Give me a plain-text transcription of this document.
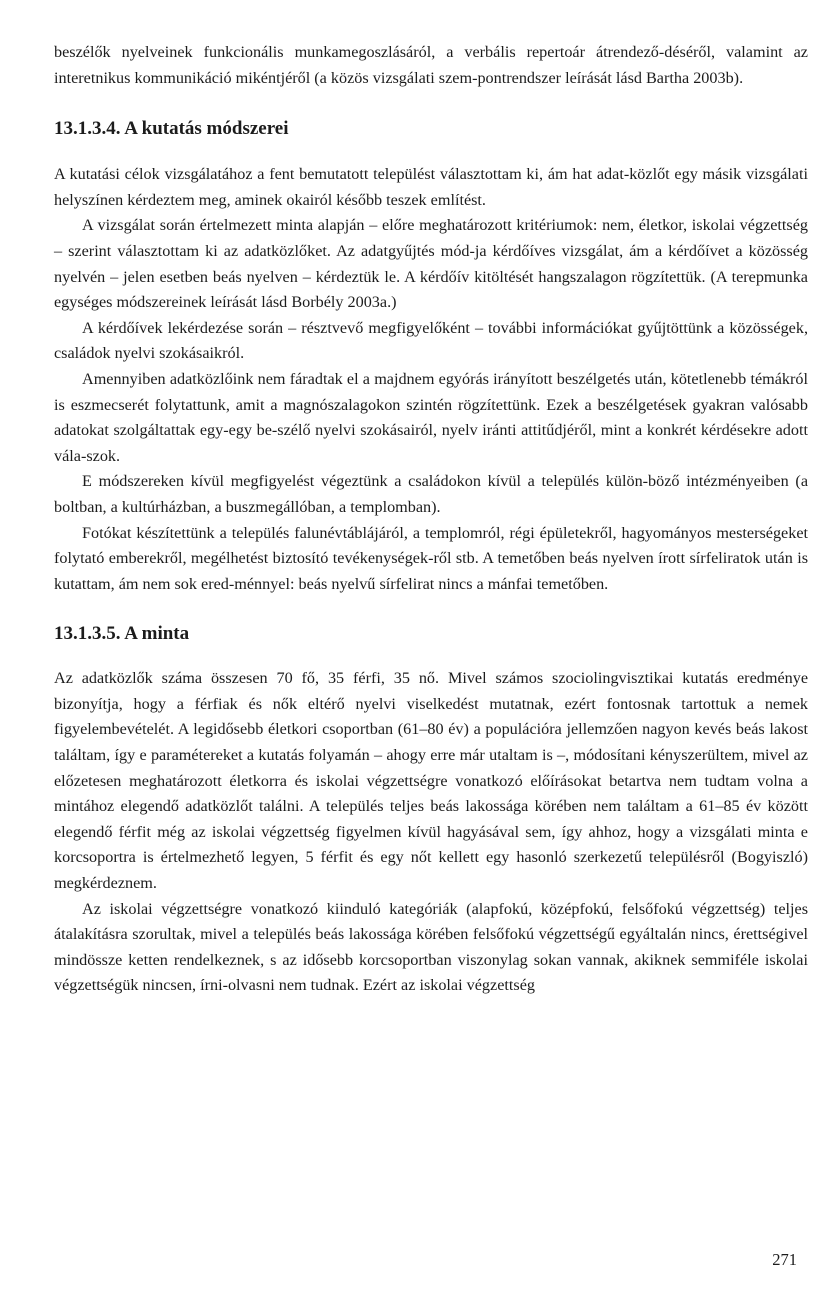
beszélők nyelveinek funkcionális munkamegoszlásáról, a verbális repertoár átrendező-déséről, valamint az interetnikus kommunikáció mikéntjéről (a közös vizsgálati szem-pontrendszer leírását lásd Bartha 2003b).

13.1.3.4. A kutatás módszerei

A kutatási célok vizsgálatához a fent bemutatott települést választottam ki, ám hat adat-közlőt egy másik vizsgálati helyszínen kérdeztem meg, aminek okairól később teszek említést.

A vizsgálat során értelmezett minta alapján – előre meghatározott kritériumok: nem, életkor, iskolai végzettség – szerint választottam ki az adatközlőket. Az adatgyűjtés mód-ja kérdőíves vizsgálat, ám a kérdőívet a közösség nyelvén – jelen esetben beás nyelven – kérdeztük le. A kérdőív kitöltését hangszalagon rögzítettük. (A terepmunka egységes módszereinek leírását lásd Borbély 2003a.)

A kérdőívek lekérdezése során – résztvevő megfigyelőként – további információkat gyűjtöttünk a közösségek, családok nyelvi szokásaikról.

Amennyiben adatközlőink nem fáradtak el a majdnem egyórás irányított beszélgetés után, kötetlenebb témákról is eszmecserét folytattunk, amit a magnószalagokon szintén rögzítettünk. Ezek a beszélgetések gyakran valósabb adatokat szolgáltattak egy-egy be-szélő nyelvi szokásairól, nyelv iránti attitűdjéről, mint a konkrét kérdésekre adott vála-szok.

E módszereken kívül megfigyelést végeztünk a családokon kívül a település külön-böző intézményeiben (a boltban, a kultúrházban, a buszmegállóban, a templomban).

Fotókat készítettünk a település falunévtáblájáról, a templomról, régi épületekről, hagyományos mesterségeket folytató emberekről, megélhetést biztosító tevékenységek-ről stb. A temetőben beás nyelven írott sírfeliratok után is kutattam, ám nem sok ered-ménnyel: beás nyelvű sírfelirat nincs a mánfai temetőben.

13.1.3.5. A minta

Az adatközlők száma összesen 70 fő, 35 férfi, 35 nő. Mivel számos szociolingvisztikai kutatás eredménye bizonyítja, hogy a férfiak és nők eltérő nyelvi viselkedést mutatnak, ezért fontosnak tartottuk a nemek figyelembevételét. A legidősebb életkori csoportban (61–80 év) a populációra jellemzően nagyon kevés beás lakost találtam, így e paramétereket a kutatás folyamán – ahogy erre már utaltam is –, módosítani kényszerültem, mivel az előzetesen meghatározott életkorra és iskolai végzettségre vonatkozó előírásokat betartva nem tudtam volna a mintához elegendő adatközlőt találni. A település teljes beás lakossága körében nem találtam a 61–85 év között elegendő férfit még az iskolai végzettség figyelmen kívül hagyásával sem, így ahhoz, hogy a vizsgálati minta e korcsoportra is értelmezhető legyen, 5 férfit és egy nőt kellett egy hasonló szerkezetű településről (Bogyiszló) megkérdeznem.

Az iskolai végzettségre vonatkozó kiinduló kategóriák (alapfokú, középfokú, felsőfokú végzettség) teljes átalakításra szorultak, mivel a település beás lakossága körében felsőfokú végzettségű egyáltalán nincs, érettségivel mindössze ketten rendelkeznek, s az idősebb korcsoportban viszonylag sokan vannak, akiknek semmiféle iskolai végzettségük nincsen, írni-olvasni nem tudnak. Ezért az iskolai végzettség

271
